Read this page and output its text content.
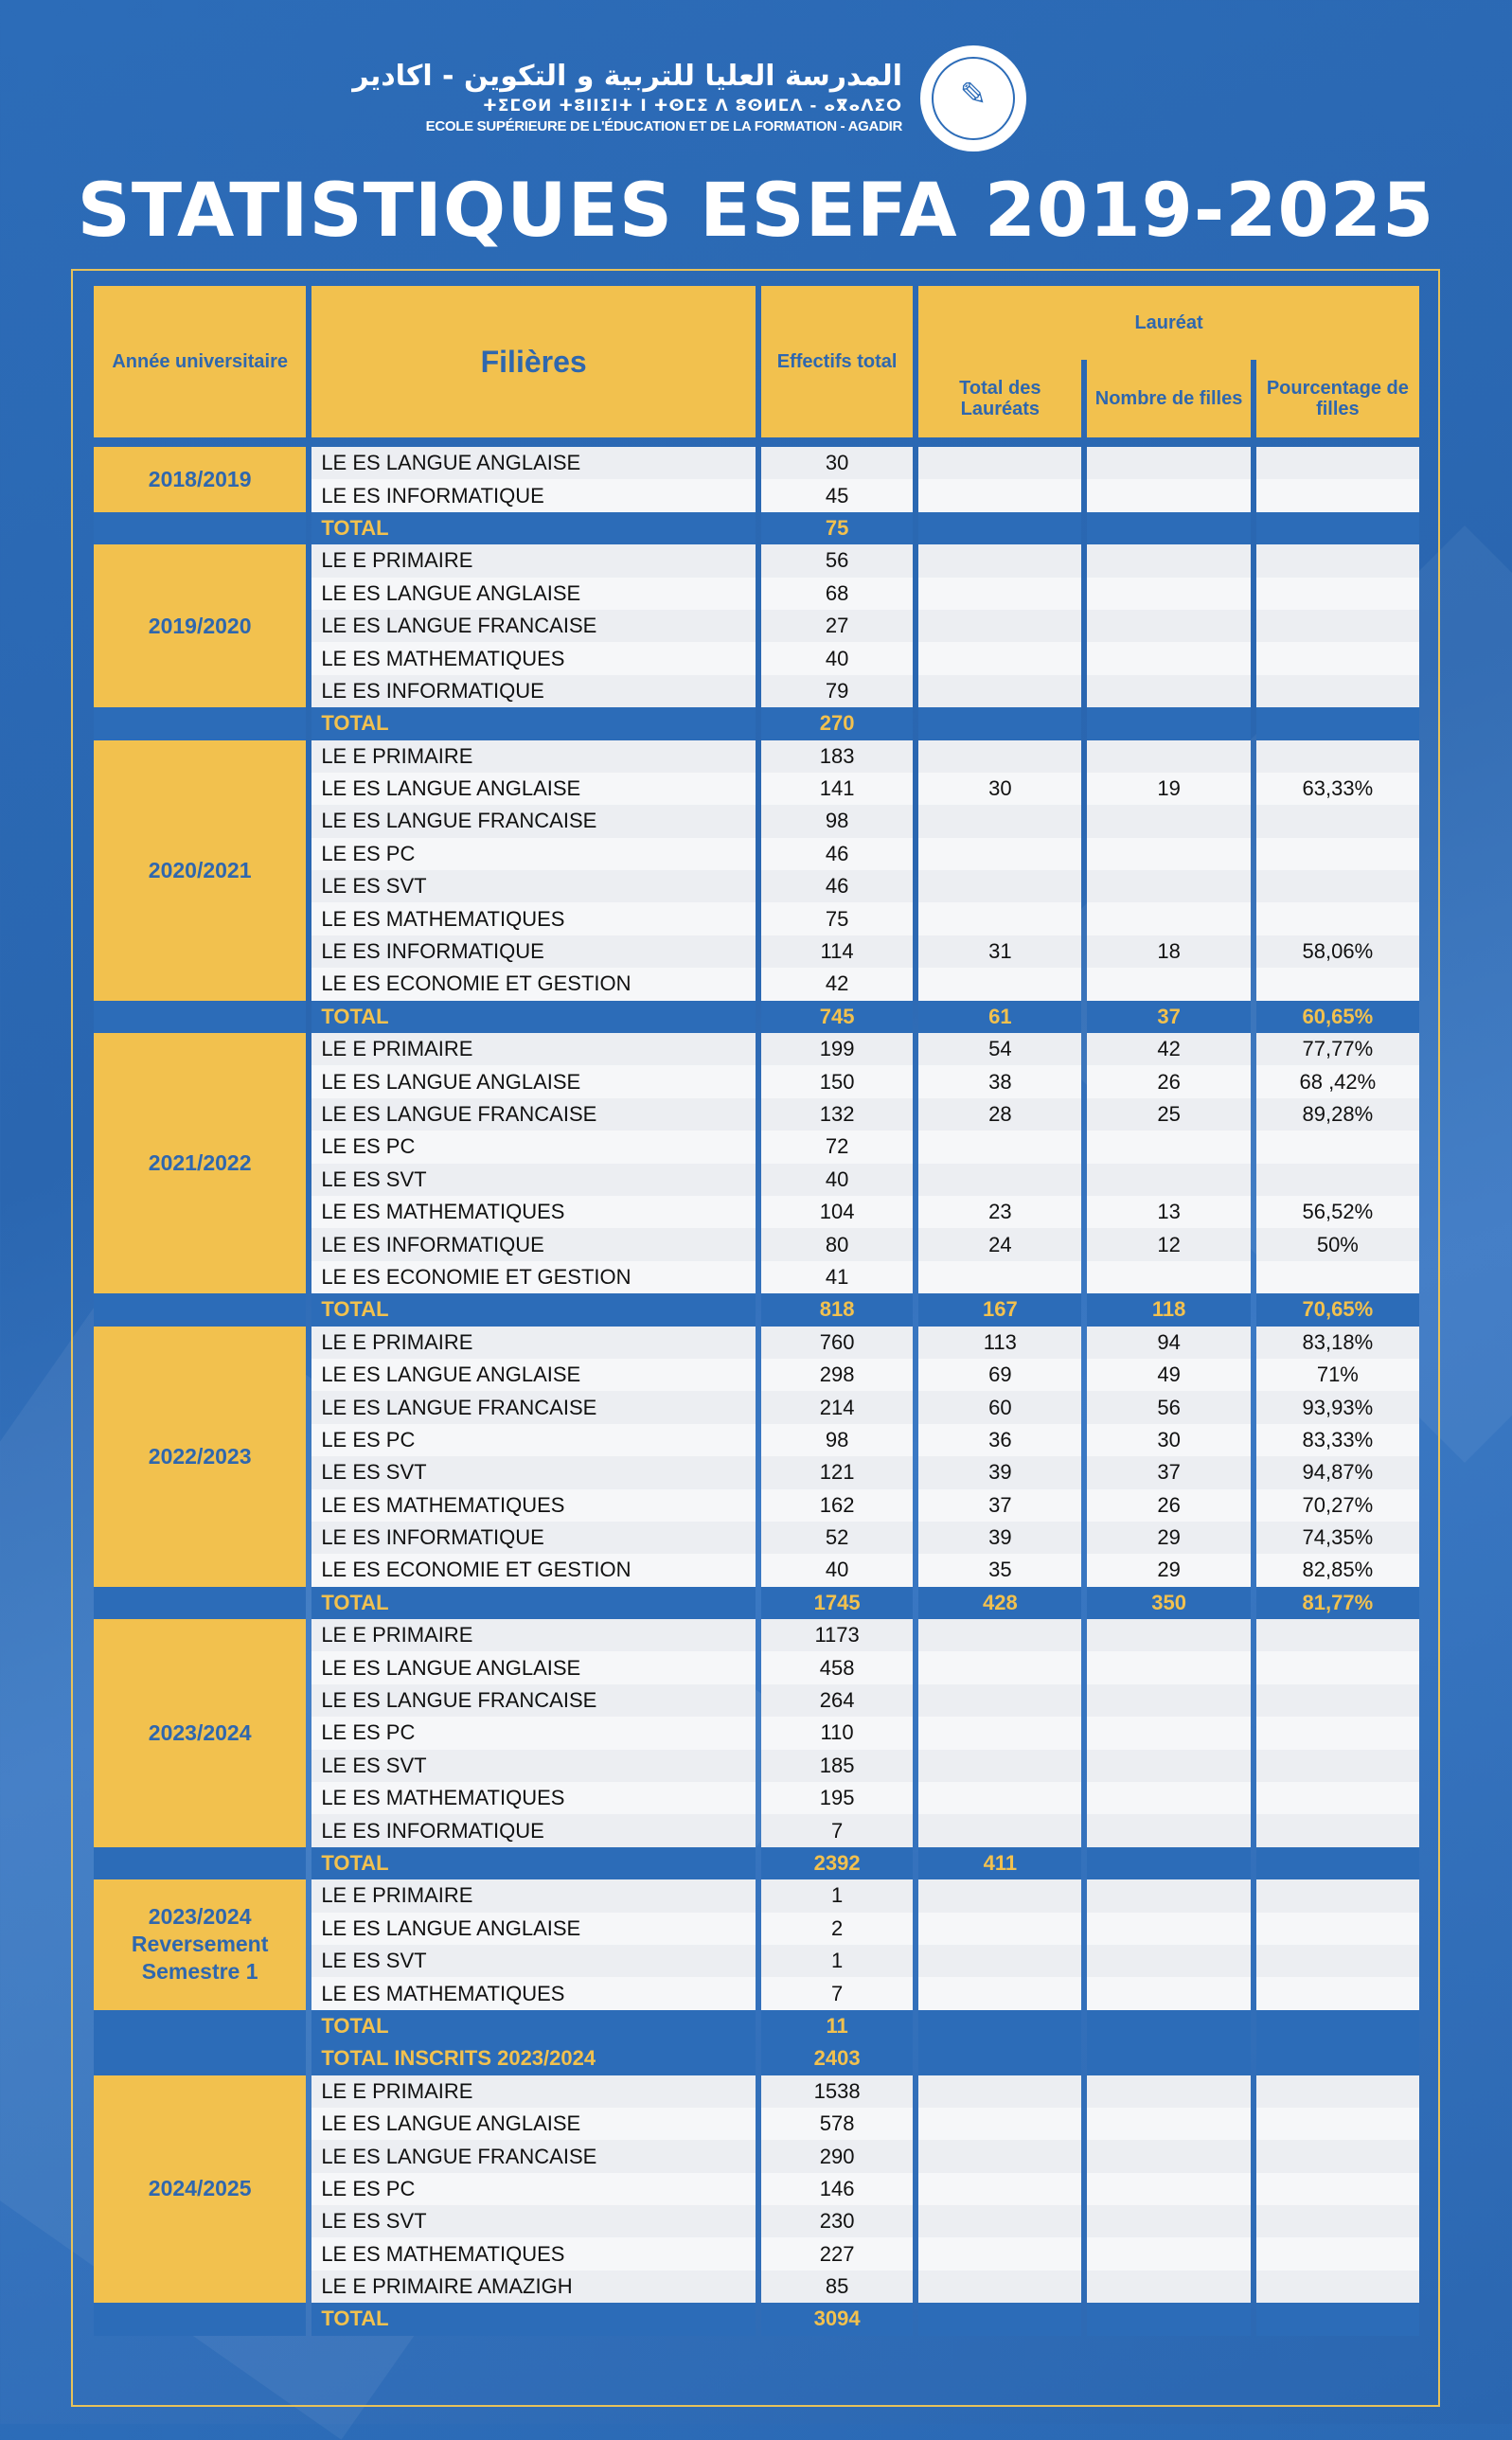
✎
المدرسة العليا للتربية و التكوين - اكادير
ⵜⵉⵎⵙⵍ ⵜⵓⵏⵏⵉⵏⵜ ⵏ ⵜⵙⵎⵉ ⴷ ⵓⵙⵍⵎⴷ - ⴰⴳⴰⴷⵉⵔ
ECOLE SUPÉRIEURE DE L'ÉDUCATION ET DE LA FORMATION - AGADIR
STATISTIQUES ESEFA 2019-2025
Année universitaire	Filières	Effectifs total	Lauréat		
			Total des Lauréats	Nombre de filles	Pourcentage de filles

2018/2019	LE ES LANGUE ANGLAISE	30			
	LE ES INFORMATIQUE	45			
	TOTAL	75			
2019/2020	LE E PRIMAIRE	56			
	LE ES LANGUE ANGLAISE	68			
	LE ES LANGUE FRANCAISE	27			
	LE ES MATHEMATIQUES	40			
	LE ES INFORMATIQUE	79			
	TOTAL	270			
2020/2021	LE E PRIMAIRE	183			
	LE ES LANGUE ANGLAISE	141	30	19	63,33%
	LE ES LANGUE FRANCAISE	98			
	LE ES PC	46			
	LE ES SVT	46			
	LE ES MATHEMATIQUES	75			
	LE ES INFORMATIQUE	114	31	18	58,06%
	LE ES ECONOMIE ET GESTION	42			
	TOTAL	745	61	37	60,65%
2021/2022	LE E PRIMAIRE	199	54	42	77,77%
	LE ES LANGUE ANGLAISE	150	38	26	68 ,42%
	LE ES LANGUE FRANCAISE	132	28	25	89,28%
	LE ES PC	72			
	LE ES SVT	40			
	LE ES MATHEMATIQUES	104	23	13	56,52%
	LE ES INFORMATIQUE	80	24	12	50%
	LE ES ECONOMIE ET GESTION	41			
	TOTAL	818	167	118	70,65%
2022/2023	LE E PRIMAIRE	760	113	94	83,18%
	LE ES LANGUE ANGLAISE	298	69	49	71%
	LE ES LANGUE FRANCAISE	214	60	56	93,93%
	LE ES PC	98	36	30	83,33%
	LE ES SVT	121	39	37	94,87%
	LE ES MATHEMATIQUES	162	37	26	70,27%
	LE ES INFORMATIQUE	52	39	29	74,35%
	LE ES ECONOMIE ET GESTION	40	35	29	82,85%
	TOTAL	1745	428	350	81,77%
2023/2024	LE E PRIMAIRE	1173			
	LE ES LANGUE ANGLAISE	458			
	LE ES LANGUE FRANCAISE	264			
	LE ES PC	110			
	LE ES SVT	185			
	LE ES MATHEMATIQUES	195			
	LE ES INFORMATIQUE	7			
	TOTAL	2392	411		
2023/2024 Reversement Semestre 1	LE E PRIMAIRE	1			
	LE ES LANGUE ANGLAISE	2			
	LE ES SVT	1			
	LE ES MATHEMATIQUES	7			
	TOTAL	11			
	TOTAL INSCRITS 2023/2024	2403			
2024/2025	LE E PRIMAIRE	1538			
	LE ES LANGUE ANGLAISE	578			
	LE ES LANGUE FRANCAISE	290			
	LE ES PC	146			
	LE ES SVT	230			
	LE ES MATHEMATIQUES	227			
	LE E PRIMAIRE AMAZIGH	85			
	TOTAL	3094			
